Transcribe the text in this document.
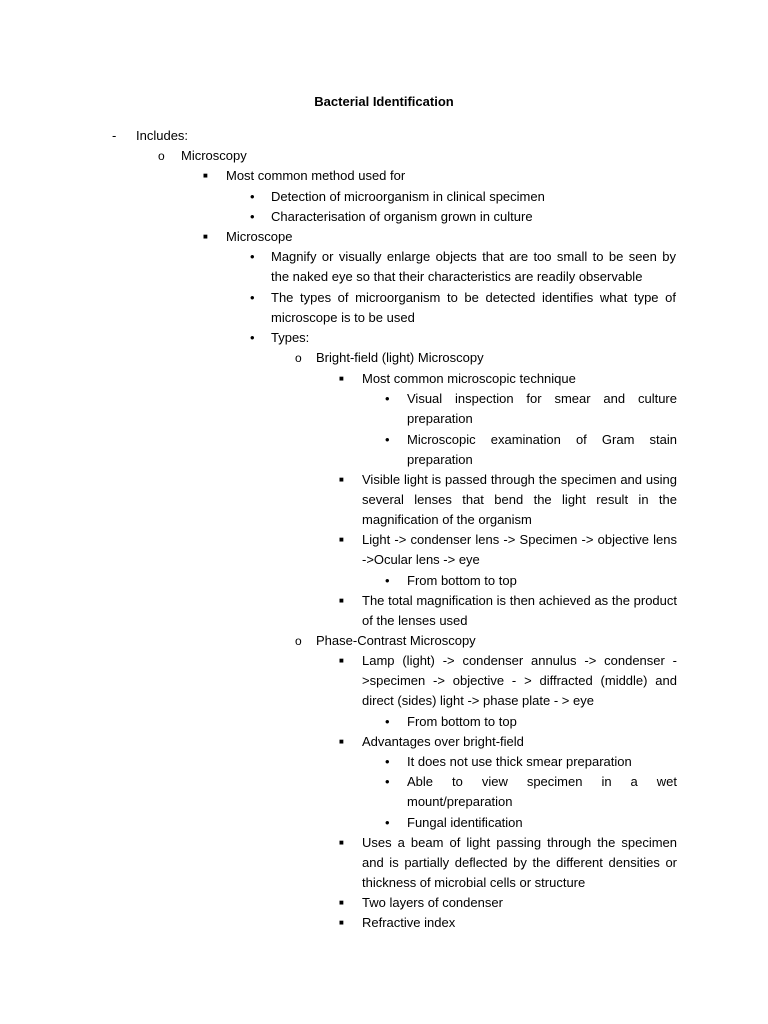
Bacterial Identification
- Includes:
o Microscopy
■ Most common method used for
• Detection of microorganism in clinical specimen
• Characterisation of organism grown in culture
■ Microscope
• Magnify or visually enlarge objects that are too small to be seen by the naked eye so that their characteristics are readily observable
• The types of microorganism to be detected identifies what type of microscope is to be used
• Types:
o Bright-field (light) Microscopy
■ Most common microscopic technique
• Visual inspection for smear and culture preparation
• Microscopic examination of Gram stain preparation
■ Visible light is passed through the specimen and using several lenses that bend the light result in the magnification of the organism
■ Light -> condenser lens -> Specimen -> objective lens ->Ocular lens -> eye
• From bottom to top
■ The total magnification is then achieved as the product of the lenses used
o Phase-Contrast Microscopy
■ Lamp (light) -> condenser annulus -> condenser ->specimen -> objective - > diffracted (middle) and direct (sides) light -> phase plate - > eye
• From bottom to top
■ Advantages over bright-field
• It does not use thick smear preparation
• Able to view specimen in a wet mount/preparation
• Fungal identification
■ Uses a beam of light passing through the specimen and is partially deflected by the different densities or thickness of microbial cells or structure
■ Two layers of condenser
■ Refractive index
